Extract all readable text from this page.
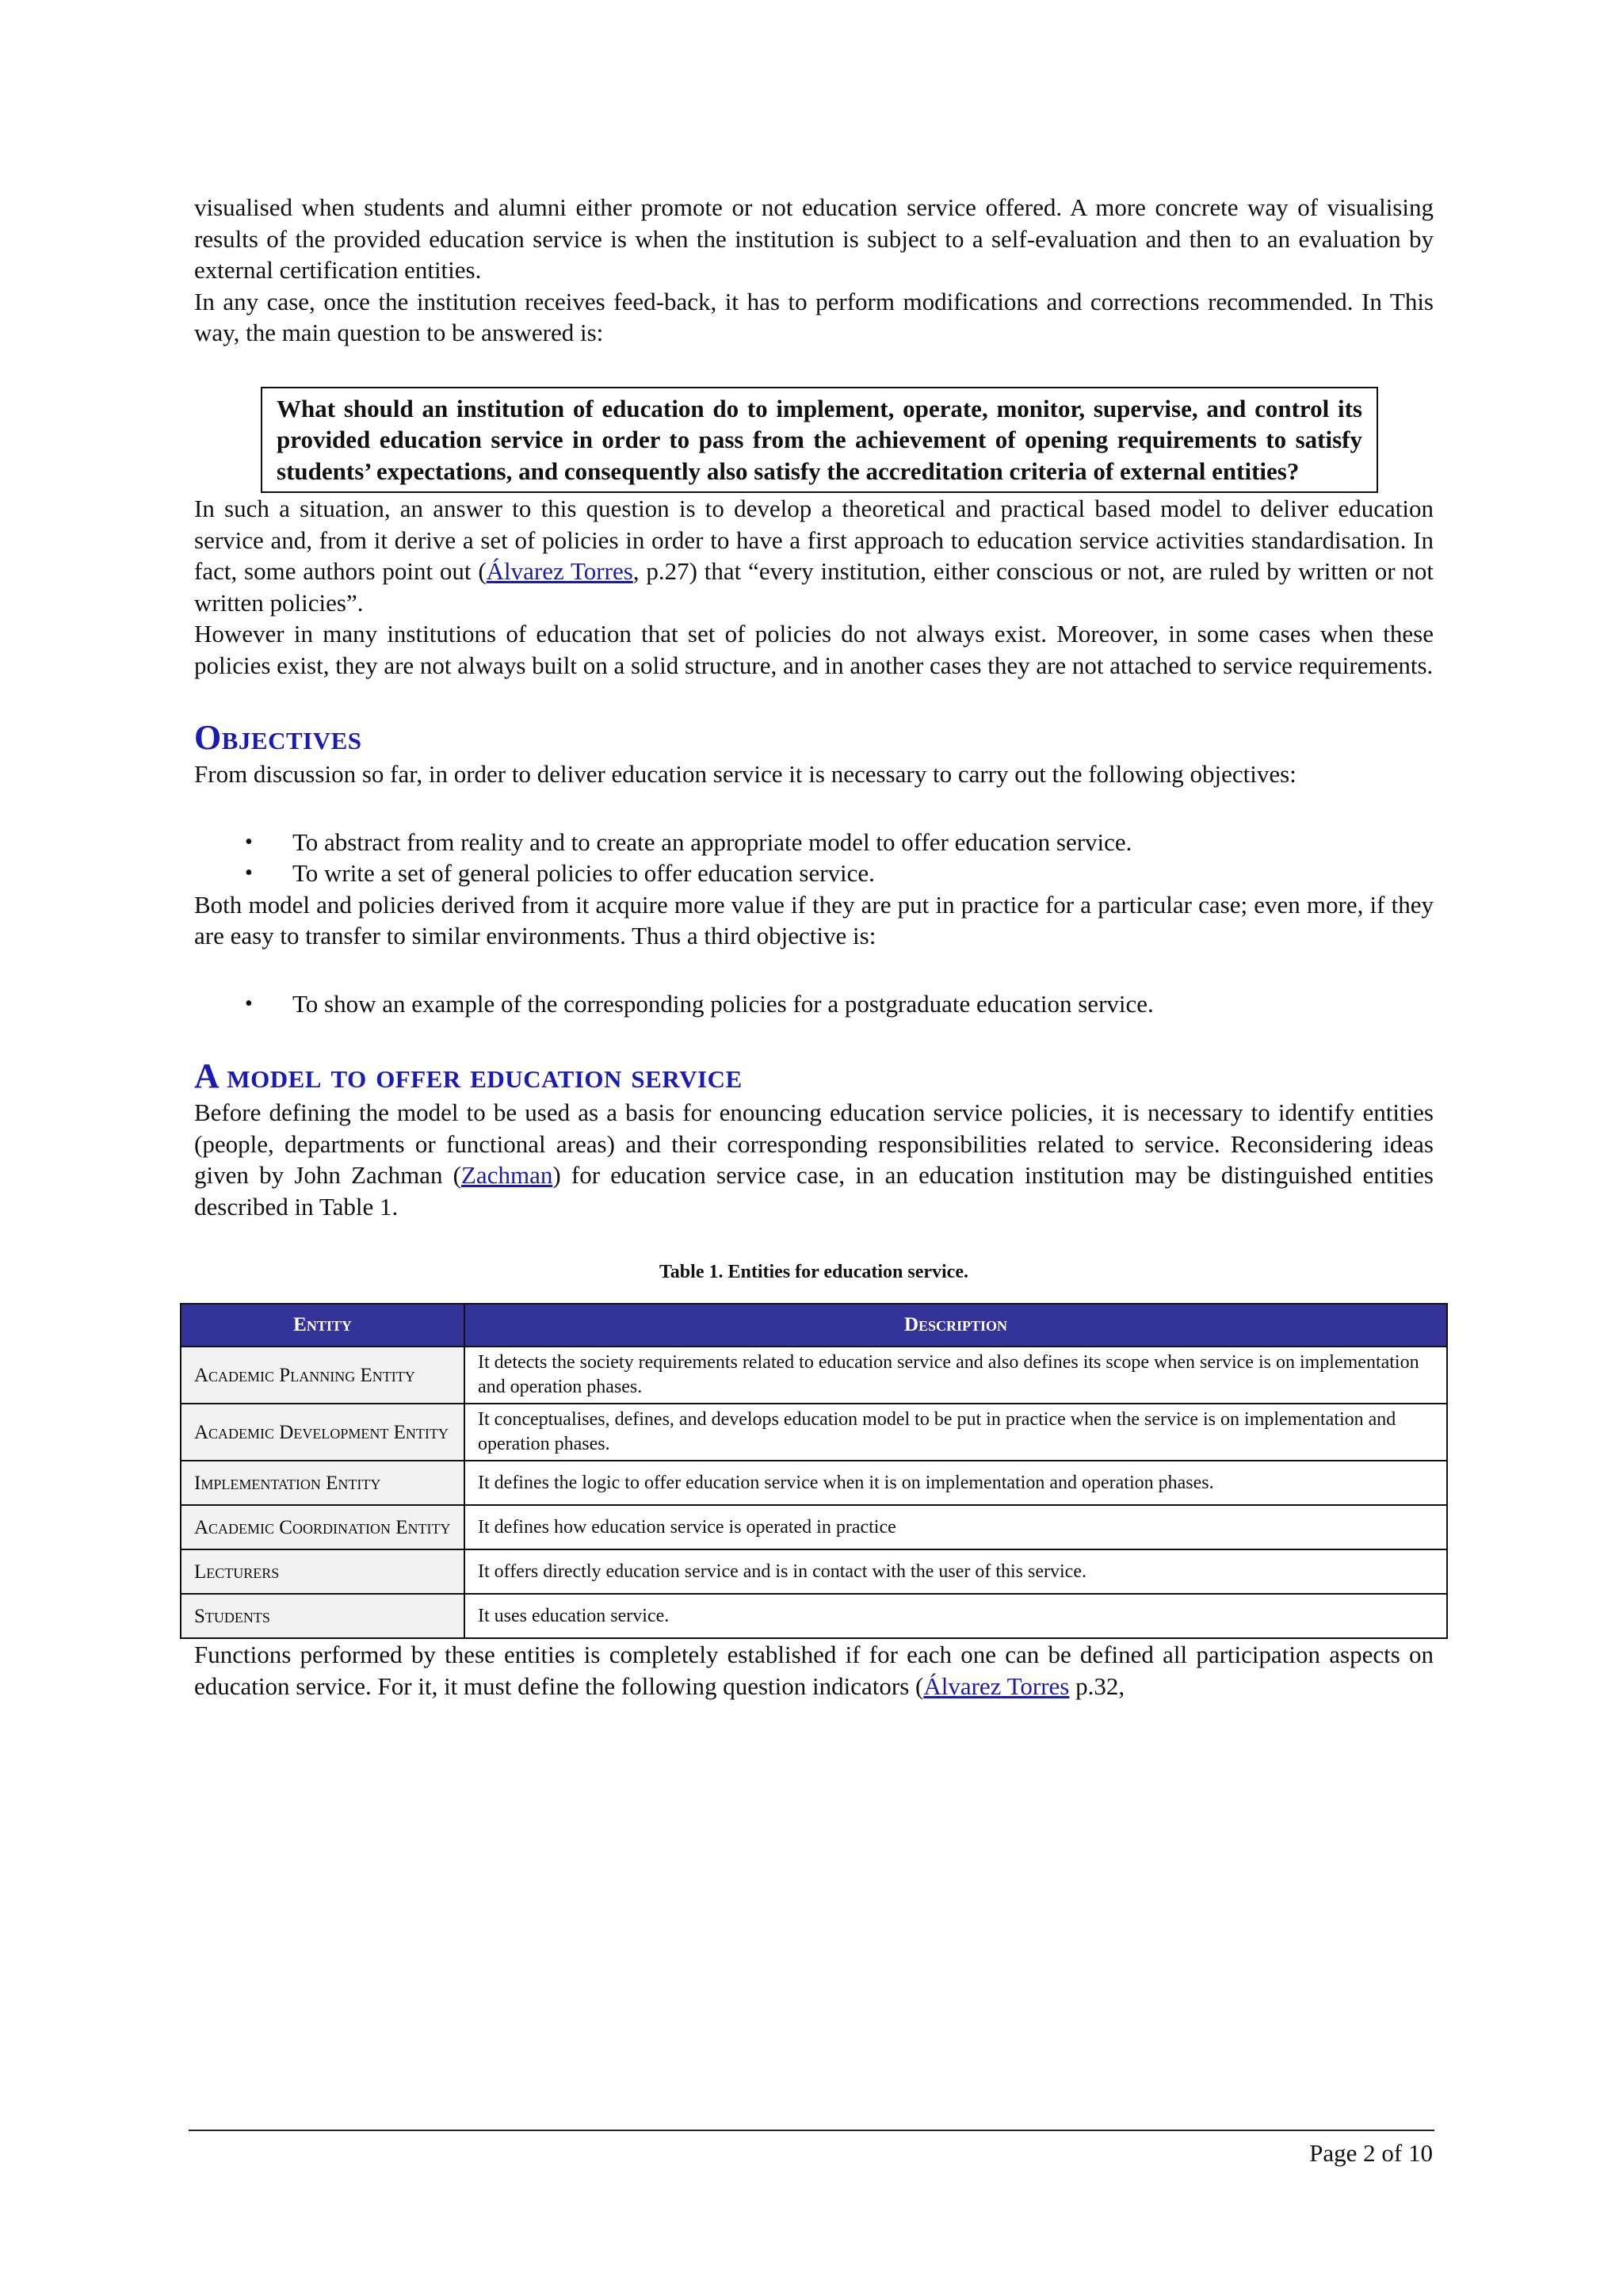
visualised when students and alumni either promote or not education service offered. A more concrete way of visualising results of the provided education service is when the institution is subject to a self-evaluation and then to an evaluation by external certification entities.

In any case, once the institution receives feed-back, it has to perform modifications and corrections recommended. In This way, the main question to be answered is:

What should an institution of education do to implement, operate, monitor, supervise, and control its provided education service in order to pass from the achievement of opening requirements to satisfy students’ expectations, and consequently also satisfy the accreditation criteria of external entities?

In such a situation, an answer to this question is to develop a theoretical and practical based model to deliver education service and, from it derive a set of policies in order to have a first approach to education service activities standardisation. In fact, some authors point out (Álvarez Torres, p.27) that “every institution, either conscious or not, are ruled by written or not written policies”.

However in many institutions of education that set of policies do not always exist. Moreover, in some cases when these policies exist, they are not always built on a solid structure, and in another cases they are not attached to service requirements.

Objectives

From discussion so far, in order to deliver education service it is necessary to carry out the following objectives:

• To abstract from reality and to create an appropriate model to offer education service.
• To write a set of general policies to offer education service.

Both model and policies derived from it acquire more value if they are put in practice for a particular case; even more, if they are easy to transfer to similar environments. Thus a third objective is:

• To show an example of the corresponding policies for a postgraduate education service.
A model to offer education service

Before defining the model to be used as a basis for enouncing education service policies, it is necessary to identify entities (people, departments or functional areas) and their corresponding responsibilities related to service. Reconsidering ideas given by John Zachman (Zachman) for education service case, in an education institution may be distinguished entities described in Table 1.

Table 1. Entities for education service.

Entity	Description
Academic Planning Entity	It detects the society requirements related to education service and also defines its scope when service is on implementation and operation phases.
Academic Development Entity	It conceptualises, defines, and develops education model to be put in practice when the service is on implementation and operation phases.
Implementation Entity	It defines the logic to offer education service when it is on implementation and operation phases.
Academic Coordination Entity	It defines how education service is operated in practice
Lecturers	It offers directly education service and is in contact with the user of this service.
Students	It uses education service.

Functions performed by these entities is completely established if for each one can be defined all participation aspects on education service. For it, it must define the following question indicators (Álvarez Torres p.32,

Page 2 of 10
